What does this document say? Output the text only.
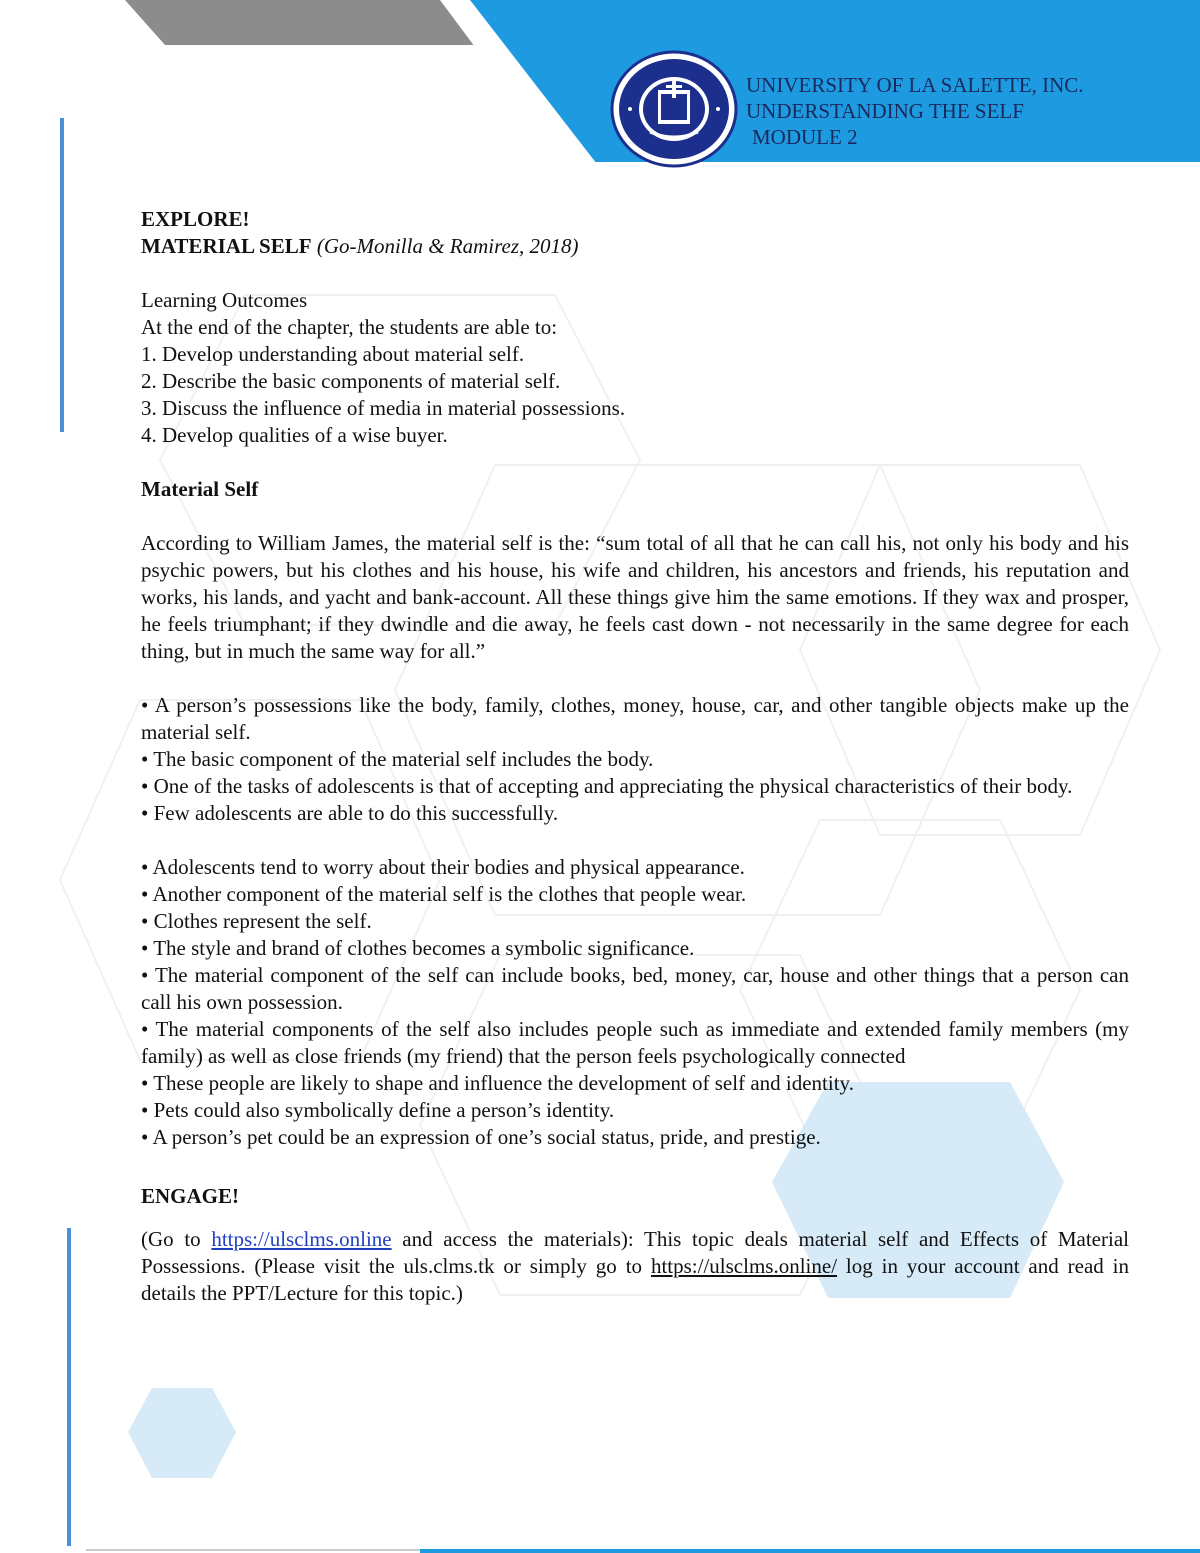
UNIVERSITY OF LA SALETTE, INC.
UNDERSTANDING THE SELF
MODULE 2

EXPLORE!

MATERIAL SELF (Go-Monilla & Ramirez, 2018)

Learning Outcomes

At the end of the chapter, the students are able to:

1. Develop understanding about material self.

2. Describe the basic components of material self.

3. Discuss the influence of media in material possessions.

4. Develop qualities of a wise buyer.

Material Self

According to William James, the material self is the: “sum total of all that he can call his, not only his body and his psychic powers, but his clothes and his house, his wife and children, his ancestors and friends, his reputation and works, his lands, and yacht and bank-account. All these things give him the same emotions. If they wax and prosper, he feels triumphant; if they dwindle and die away, he feels cast down - not necessarily in the same degree for each thing, but in much the same way for all.”

• A person’s possessions like the body, family, clothes, money, house, car, and other tangible objects make up the material self.

• The basic component of the material self includes the body.

• One of the tasks of adolescents is that of accepting and appreciating the physical characteristics of their body.

• Few adolescents are able to do this successfully.

• Adolescents tend to worry about their bodies and physical appearance.

• Another component of the material self is the clothes that people wear.

• Clothes represent the self.

• The style and brand of clothes becomes a symbolic significance.

• The material component of the self can include books, bed, money, car, house and other things that a person can call his own possession.

• The material components of the self also includes people such as immediate and extended family members (my family) as well as close friends (my friend) that the person feels psychologically connected

• These people are likely to shape and influence the development of self and identity.

• Pets could also symbolically define a person’s identity.

• A person’s pet could be an expression of one’s social status, pride, and prestige.

ENGAGE!

(Go to https://ulsclms.online and access the materials): This topic deals material self and Effects of Material Possessions. (Please visit the uls.clms.tk or simply go to https://ulsclms.online/ log in your account and read in details the PPT/Lecture for this topic.)
